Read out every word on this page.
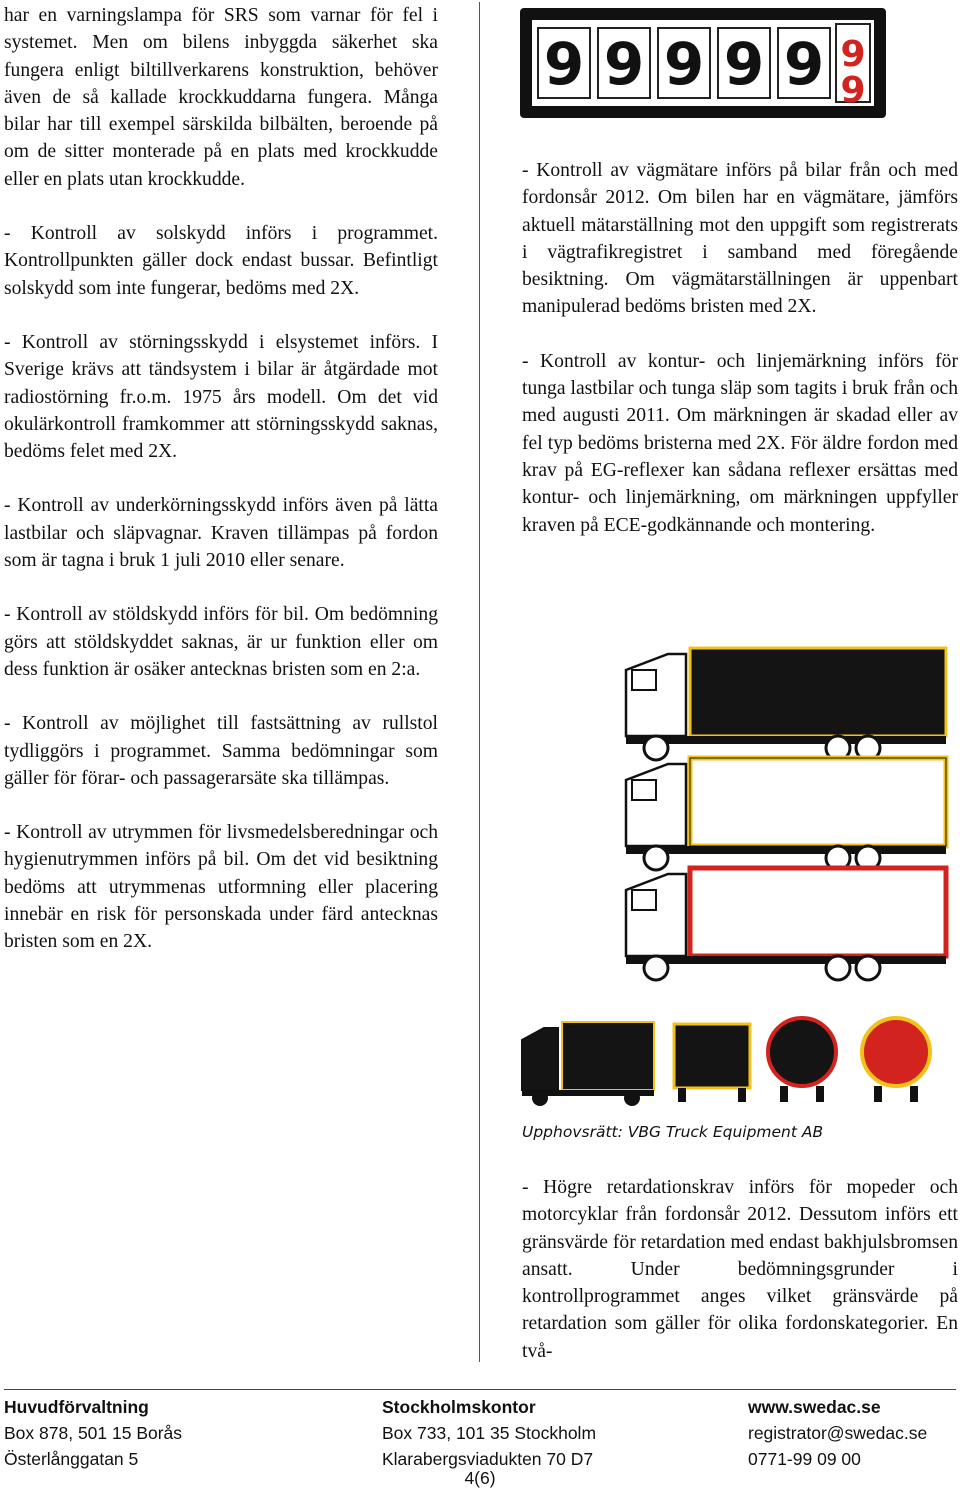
har en varningslampa för SRS som varnar för fel i systemet. Men om bilens inbyggda säkerhet ska fungera enligt biltillverkarens konstruktion, behöver även de så kallade krockkuddarna fungera. Många bilar har till exempel särskilda bilbälten, beroende på om de sitter monterade på en plats med krockkudde eller en plats utan krockkudde.

- Kontroll av solskydd införs i programmet. Kontrollpunkten gäller dock endast bussar. Befintligt solskydd som inte fungerar, bedöms med 2X.

- Kontroll av störningsskydd i elsystemet införs. I Sverige krävs att tändsystem i bilar är åtgärdade mot radiostörning fr.o.m. 1975 års modell. Om det vid okulärkontroll framkommer att störningsskydd saknas, bedöms felet med 2X.

- Kontroll av underkörningsskydd införs även på lätta lastbilar och släpvagnar. Kraven tillämpas på fordon som är tagna i bruk 1 juli 2010 eller senare.

- Kontroll av stöldskydd införs för bil. Om bedömning görs att stöldskyddet saknas, är ur funktion eller om dess funktion är osäker antecknas bristen som en 2:a.

- Kontroll av möjlighet till fastsättning av rullstol tydliggörs i programmet. Samma bedömningar som gäller för förar- och passagerarsäte ska tillämpas.

- Kontroll av utrymmen för livsmedelsberedningar och hygienutrymmen införs på bil. Om det vid besiktning bedöms att utrymmenas utformning eller placering innebär en risk för personskada under färd antecknas bristen som en 2X.

9 9 9 9 9 9
9

- Kontroll av vägmätare införs på bilar från och med fordonsår 2012. Om bilen har en vägmätare, jämförs aktuell mätarställning mot den uppgift som registrerats i vägtrafikregistret i samband med föregående besiktning. Om vägmätarställningen är uppenbart manipulerad bedöms bristen med 2X.

- Kontroll av kontur- och linjemärkning införs för tunga lastbilar och tunga släp som tagits i bruk från och med augusti 2011. Om märkningen är skadad eller av fel typ bedöms bristerna med 2X. För äldre fordon med krav på EG-reflexer kan sådana reflexer ersättas med kontur- och linjemärkning, om märkningen uppfyller kraven på ECE-godkännande och montering.

Upphovsrätt: VBG Truck Equipment AB

- Högre retardationskrav införs för mopeder och motorcyklar från fordonsår 2012. Dessutom införs ett gränsvärde för retardation med endast bakhjulsbromsen ansatt. Under bedömningsgrunder i kontrollprogrammet anges vilket gränsvärde på retardation som gäller för olika fordonskategorier. En två-

Huvudförvaltning
Box 878, 501 15 Borås
Österlånggatan 5
Stockholmskontor
Box 733, 101 35 Stockholm
Klarabergsviadukten 70 D7
www.swedac.se
registrator@swedac.se
0771-99 09 00
4(6)
